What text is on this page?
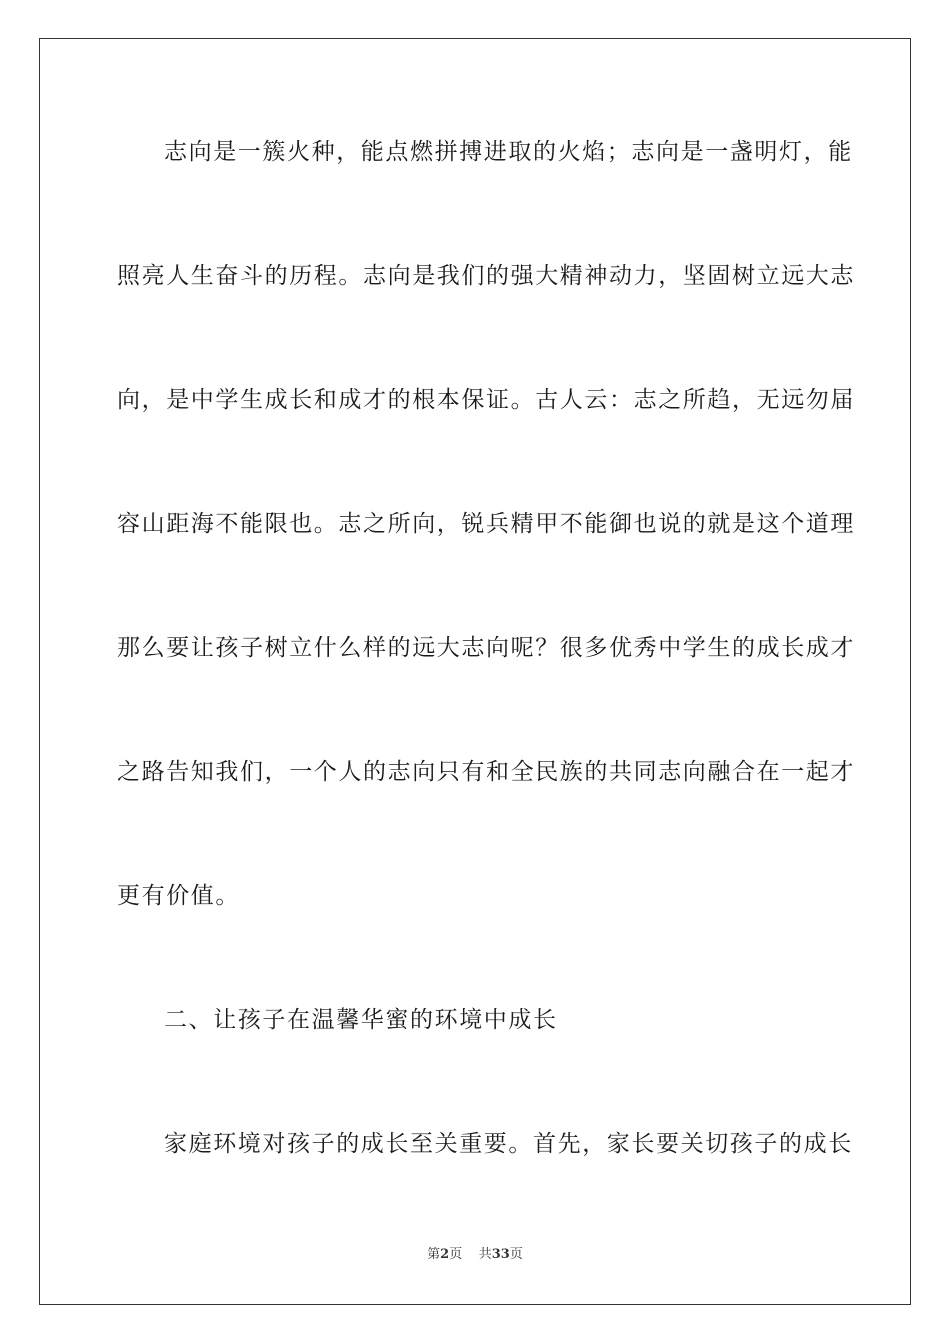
志向是一簇火种，能点燃拼搏进取的火焰；志向是一盏明灯，能
照亮人生奋斗的历程。志向是我们的强大精神动力，坚固树立远大志
向，是中学生成长和成才的根本保证。古人云：志之所趋，无远勿届
容山距海不能限也。志之所向，锐兵精甲不能御也说的就是这个道理
那么要让孩子树立什么样的远大志向呢？很多优秀中学生的成长成才
之路告知我们，一个人的志向只有和全民族的共同志向融合在一起才
更有价值。
二、让孩子在温馨华蜜的环境中成长
家庭环境对孩子的成长至关重要。首先，家长要关切孩子的成长
第2页 共33页
